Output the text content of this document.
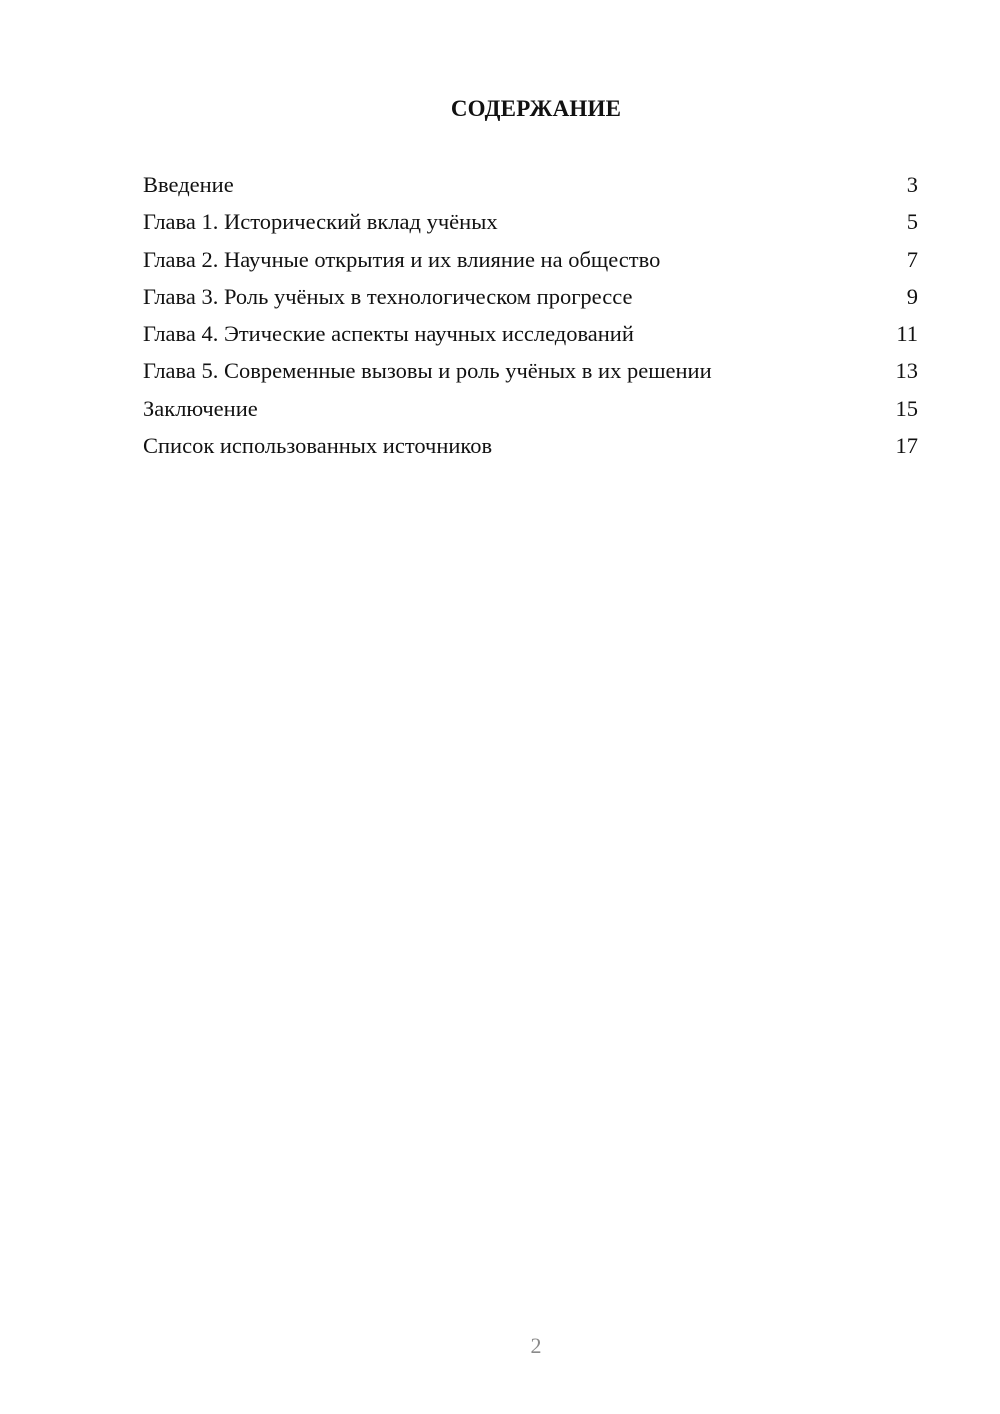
СОДЕРЖАНИЕ
Введение	3
Глава 1. Исторический вклад учёных	5
Глава 2. Научные открытия и их влияние на общество	7
Глава 3. Роль учёных в технологическом прогрессе	9
Глава 4. Этические аспекты научных исследований	11
Глава 5. Современные вызовы и роль учёных в их решении	13
Заключение	15
Список использованных источников	17
2
